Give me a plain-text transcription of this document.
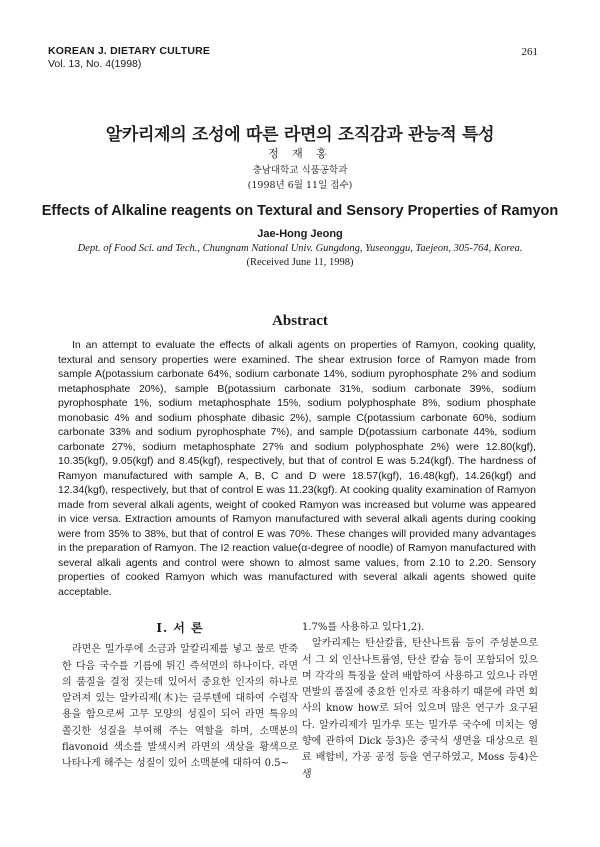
KOREAN J. DIETARY CULTURE
Vol. 13, No. 4(1998)
261
알카리제의 조성에 따른 라면의 조직감과 관능적 특성
정 재 홍
충남대학교 식품공학과
(1998년 6월 11일 접수)
Effects of Alkaline reagents on Textural and Sensory Properties of Ramyon
Jae-Hong Jeong
Dept. of Food Sci. and Tech., Chungnam National Univ. Gungdong, Yuseonggu, Taejeon, 305-764, Korea.
(Received June 11, 1998)
Abstract

In an attempt to evaluate the effects of alkali agents on properties of Ramyon, cooking quality, textural and sensory properties were examined. The shear extrusion force of Ramyon made from sample A(potassium carbonate 64%, sodium carbonate 14%, sodium pyrophosphate 2% and sodium metaphosphate 20%), sample B(potassium carbonate 31%, sodium carbonate 39%, sodium pyrophosphate 1%, sodium metaphosphate 15%, sodium polyphosphate 8%, sodium phosphate monobasic 4% and sodium phosphate dibasic 2%), sample C(potassium carbonate 60%, sodium carbonate 33% and sodium pyrophosphate 7%), and sample D(potassium carbonate 44%, sodium carbonate 27%, sodium metaphosphate 27% and sodium polyphosphate 2%) were 12.80(kgf), 10.35(kgf), 9.05(kgf) and 8.45(kgf), respectively, but that of control E was 5.24(kgf). The hardness of Ramyon manufactured with sample A, B, C and D were 18.57(kgf), 16.48(kgf), 14.26(kgf) and 12.34(kgf), respectively, but that of control E was 11.23(kgf). At cooking quality examination of Ramyon made from several alkali agents, weight of cooked Ramyon was increased but volume was appeared in vice versa. Extraction amounts of Ramyon manufactured with several alkali agents during cooking were from 35% to 38%, but that of control E was 70%. These changes will provided many advantages in the preparation of Ramyon. The I2 reaction value(α-degree of noodle) of Ramyon manufactured with several alkali agents and control were shown to almost same values, from 2.10 to 2.20. Sensory properties of cooked Ramyon which was manufactured with several alkali agents showed quite acceptable.

I. 서 론

라면은 밀가루에 소금과 알칼리제를 넣고 물로 반죽한 다음 국수를 기름에 튀긴 즉석면의 하나이다. 라면의 품질을 결정 짓는데 있어서 중요한 인자의 하나로 알려져 있는 알카리제(木)는 글루텐에 대하여 수렴작용을 함으로써 고무 모양의 성질이 되어 라면 특유의 쫄깃한 성질을 부여해 주는 역할을 하며, 소맥분의 flavonoid 색소를 발색시켜 라면의 색상을 황색으로 나타나게 해주는 성질이 있어 소맥분에 대하여 0.5~

1.7%를 사용하고 있다1,2).

알카리제는 탄산칼륨, 탄산나트륨 등이 주성분으로서 그 외 인산나트륨염, 탄산 칼슘 등이 포함되어 있으며 각각의 특징을 살려 배합하여 사용하고 있으나 라면 면발의 품질에 중요한 인자로 작용하기 때문에 라면 회사의 know how로 되어 있으며 많은 연구가 요구된다. 알카리제가 밀가루 또는 밀가루 국수에 미치는 영향에 관하여 Dick 등3)은 중국식 생면을 대상으로 원료 배합비, 가공 공정 등을 연구하였고, Moss 등4)은 생
